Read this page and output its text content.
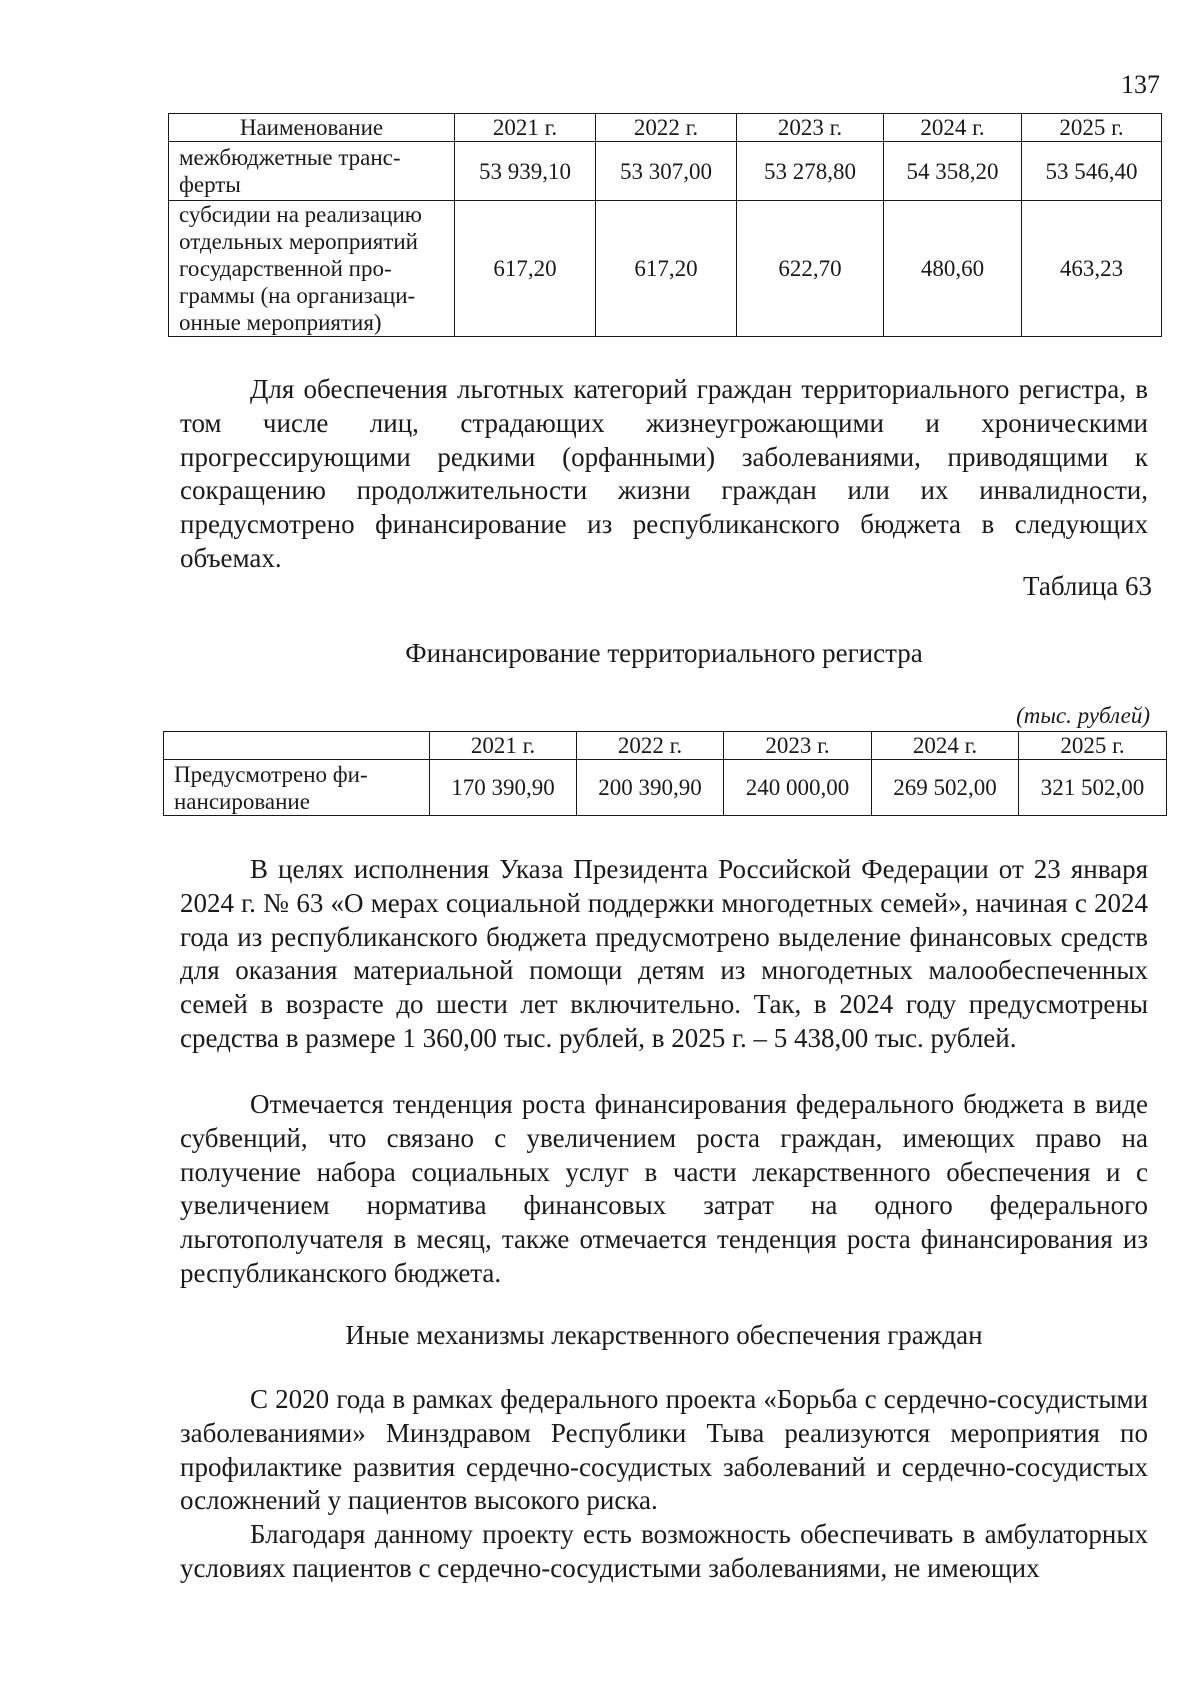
137
Наименование	2021 г.	2022 г.	2023 г.	2024 г.	2025 г.
межбюджетные транс-
ферты	53 939,10	53 307,00	53 278,80	54 358,20	53 546,40
субсидии на реализацию
отдельных мероприятий
государственной про-
граммы (на организаци-
онные мероприятия)	617,20	617,20	622,70	480,60	463,23

Для обеспечения льготных категорий граждан территориального регистра, в том числе лиц, страдающих жизнеугрожающими и хроническими прогрессирующими редкими (орфанными) заболеваниями, приводящими к сокращению продолжительности жизни граждан или их инвалидности, предусмотрено финансирование из республиканского бюджета в следующих объемах.

Таблица 63
Финансирование территориального регистра
(тыс. рублей)
	2021 г.	2022 г.	2023 г.	2024 г.	2025 г.
Предусмотрено фи-
нансирование	170 390,90	200 390,90	240 000,00	269 502,00	321 502,00

В целях исполнения Указа Президента Российской Федерации от 23 января 2024 г. № 63 «О мерах социальной поддержки многодетных семей», начиная с 2024 года из республиканского бюджета предусмотрено выделение финансовых средств для оказания материальной помощи детям из многодетных малообеспеченных семей в возрасте до шести лет включительно. Так, в 2024 году предусмотрены средства в размере 1 360,00 тыс. рублей, в 2025 г. – 5 438,00 тыс. рублей.

Отмечается тенденция роста финансирования федерального бюджета в виде субвенций, что связано с увеличением роста граждан, имеющих право на получение набора социальных услуг в части лекарственного обеспечения и с увеличением норматива финансовых затрат на одного федерального льготополучателя в месяц, также отмечается тенденция роста финансирования из республиканского бюджета.

Иные механизмы лекарственного обеспечения граждан

С 2020 года в рамках федерального проекта «Борьба с сердечно-сосудистыми заболеваниями» Минздравом Республики Тыва реализуются мероприятия по профилактике развития сердечно-сосудистых заболеваний и сердечно-сосудистых осложнений у пациентов высокого риска.

Благодаря данному проекту есть возможность обеспечивать в амбулаторных условиях пациентов с сердечно-сосудистыми заболеваниями, не имеющих
